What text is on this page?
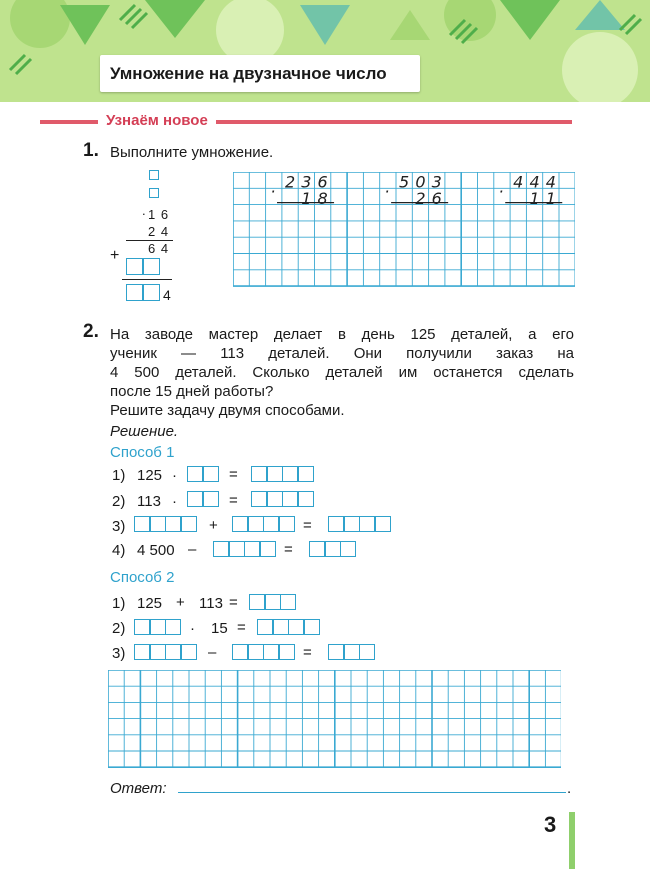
Умножение на двузначное число
Узнаём новое
1. Выполните умножение.
. 1 6
2 4
6 4
+
4
. 2 3 6
1 8
. 5 0 3
2 6
. 4 4 4
1 1
2. На заводе мастер делает в день 125 деталей, а его
ученик — 113 деталей. Они получили заказ на
4 500 деталей. Сколько деталей им останется сделать
после 15 дней работы?
Решите задачу двумя способами.
Решение.
Способ 1
1) 125 ·	=
2) 113 ·	=
3)	+	=
4) 4 500 –	=
Способ 2
1) 125 + 113 =
2)	· 15 =
3)	–	=
Ответ:	.
3
